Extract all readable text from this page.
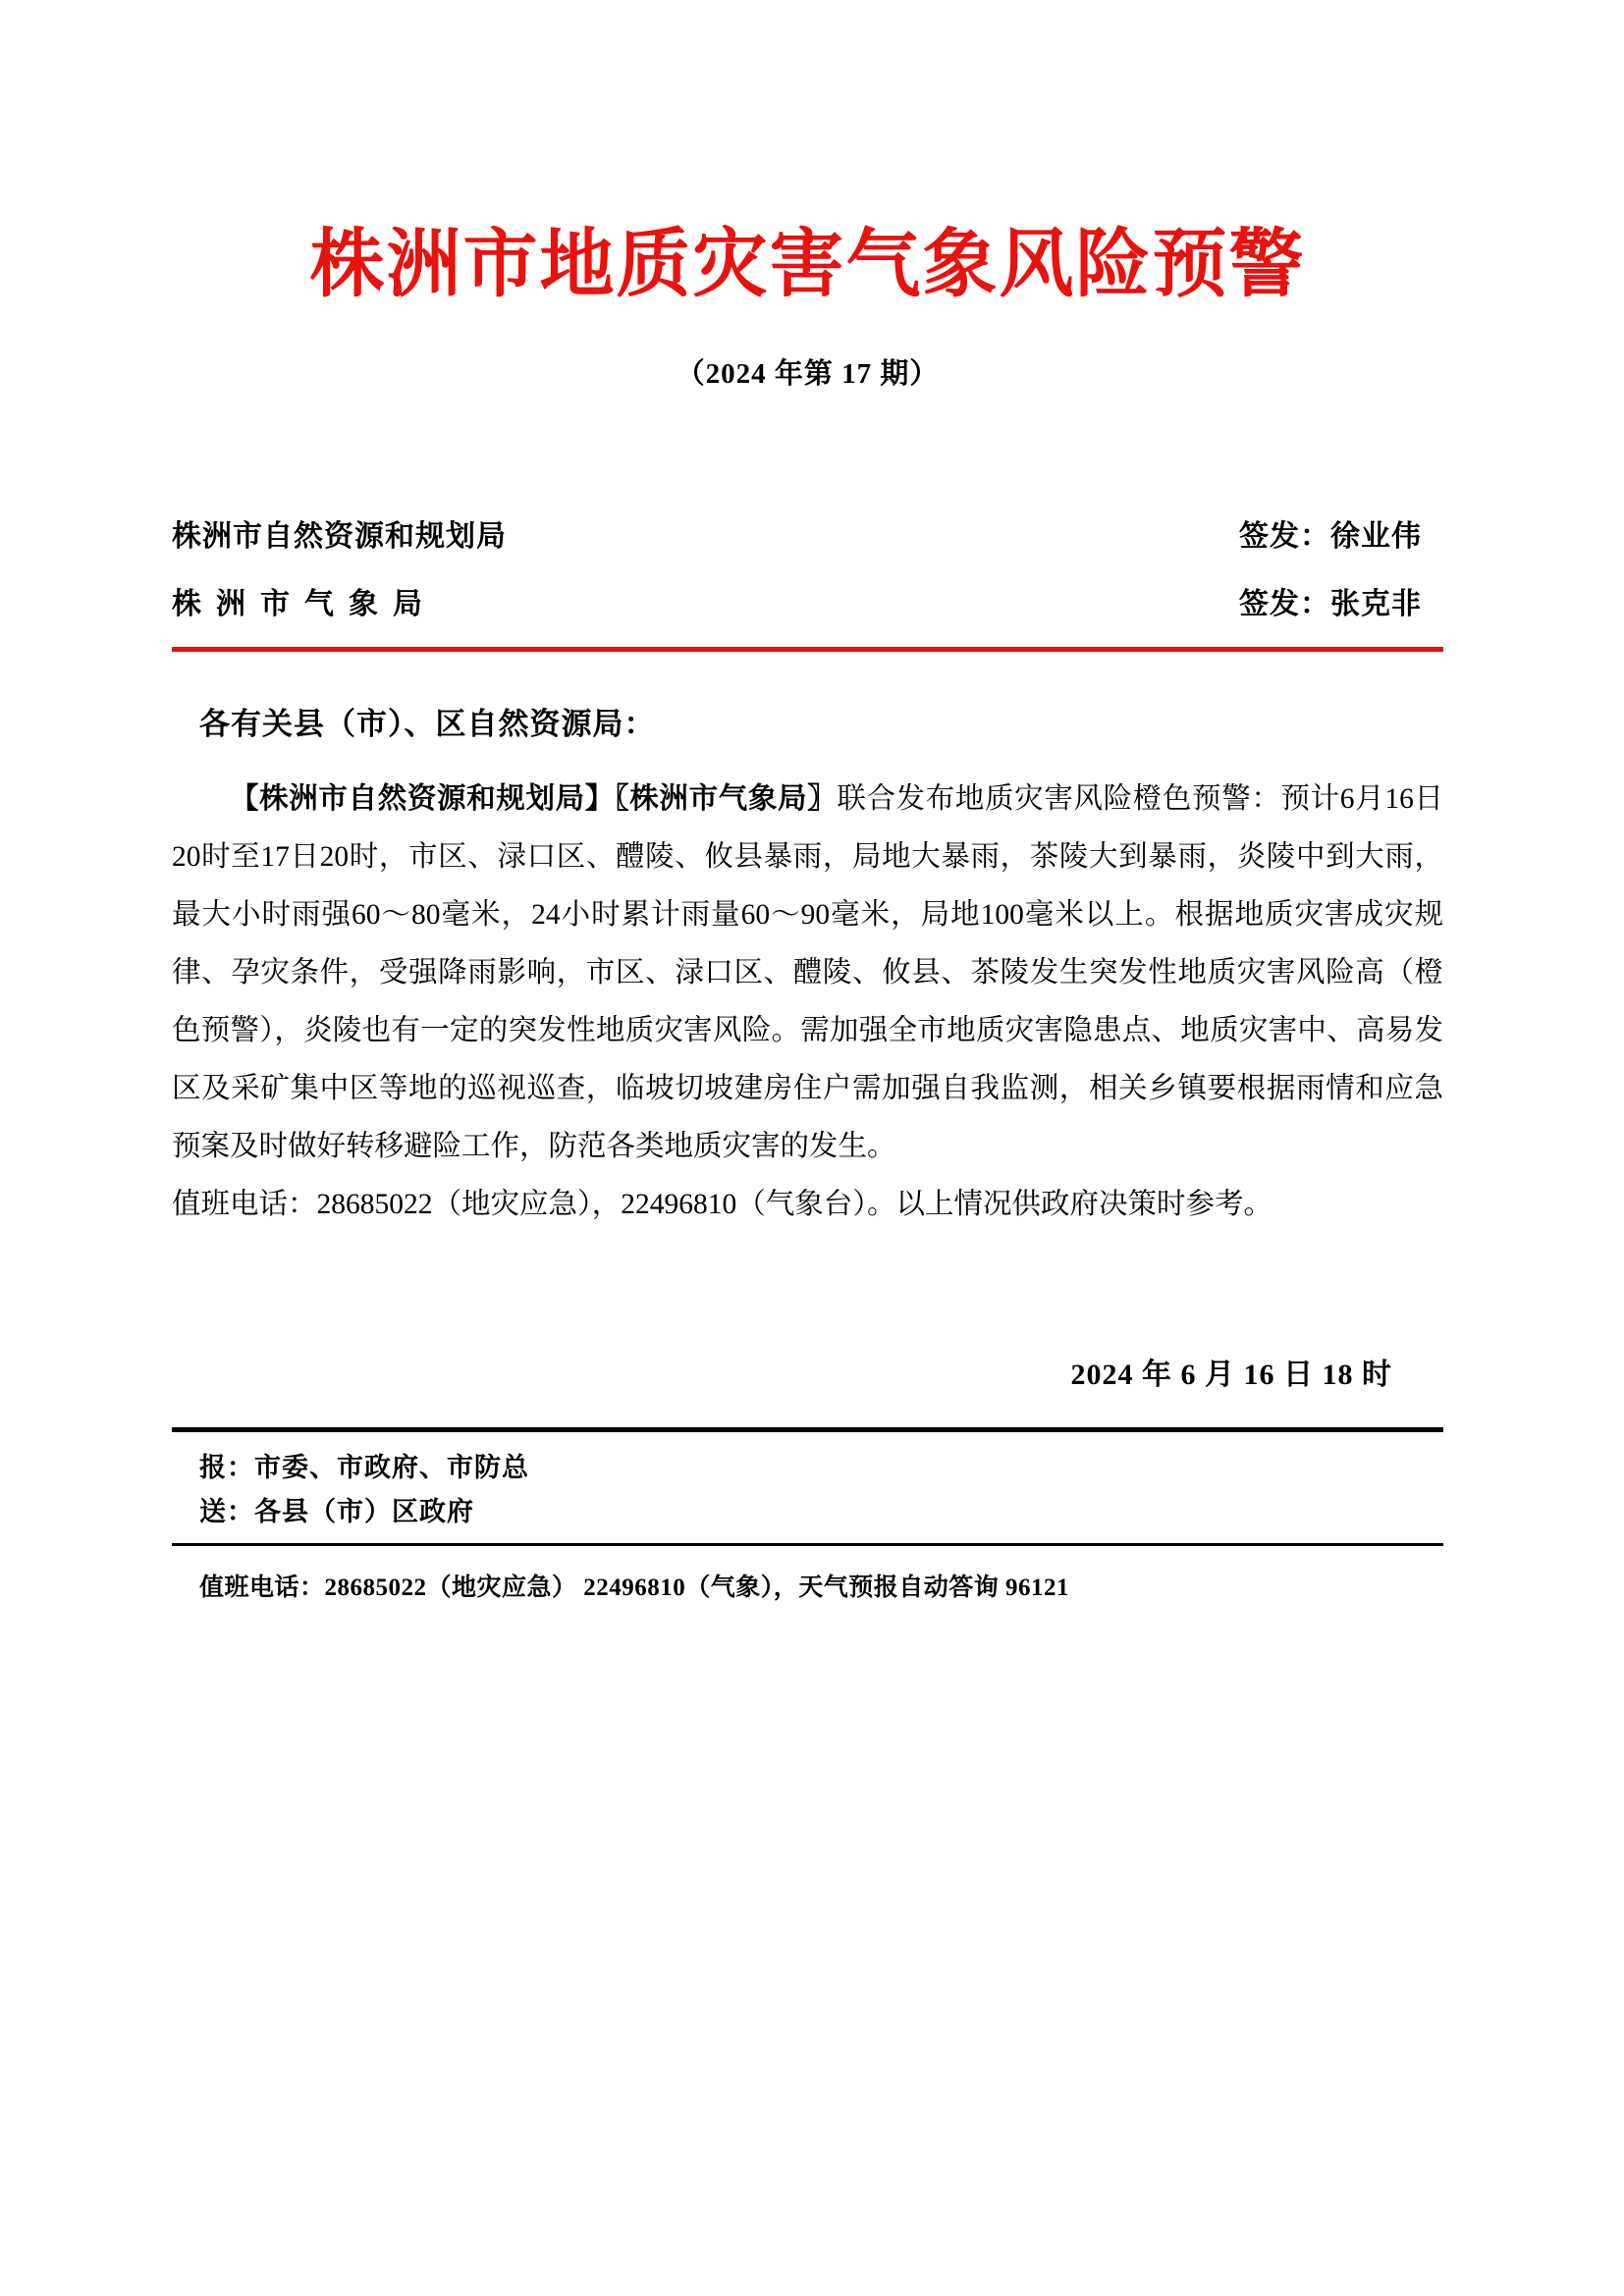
株洲市地质灾害气象风险预警
（2024 年第 17 期）
株洲市自然资源和规划局	签发：徐业伟
株洲市气象局	签发：张克非
各有关县（市）、区自然资源局：

【株洲市自然资源和规划局】〖株洲市气象局〗联合发布地质灾害风险橙色预警：预计6月16日20时至17日20时，市区、渌口区、醴陵、攸县暴雨，局地大暴雨，茶陵大到暴雨，炎陵中到大雨，最大小时雨强60～80毫米，24小时累计雨量60～90毫米，局地100毫米以上。根据地质灾害成灾规律、孕灾条件，受强降雨影响，市区、渌口区、醴陵、攸县、茶陵发生突发性地质灾害风险高（橙色预警），炎陵也有一定的突发性地质灾害风险。需加强全市地质灾害隐患点、地质灾害中、高易发区及采矿集中区等地的巡视巡查，临坡切坡建房住户需加强自我监测，相关乡镇要根据雨情和应急预案及时做好转移避险工作，防范各类地质灾害的发生。

值班电话：28685022（地灾应急），22496810（气象台）。以上情况供政府决策时参考。

2024 年 6 月 16 日 18 时
报：市委、市政府、市防总
送：各县（市）区政府
值班电话：28685022（地灾应急） 22496810（气象），天气预报自动答询 96121
